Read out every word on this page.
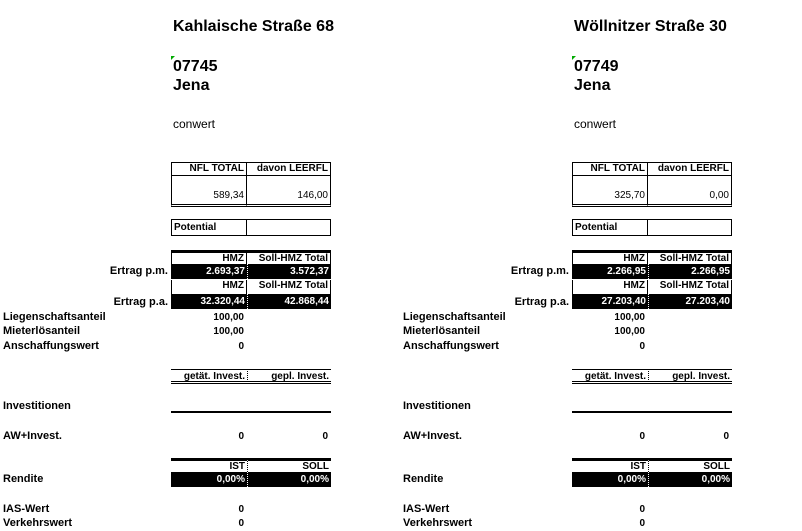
Kahlaische Straße 68
07745
Jena
conwert
NFL TOTAL	davon LEERFL
589,34	146,00
Potential
HMZ	Soll-HMZ Total
Ertrag p.m.	2.693,37	3.572,37
HMZ	Soll-HMZ Total
Ertrag p.a.	32.320,44	42.868,44
Liegenschaftsanteil	100,00
Mieterlösanteil	100,00
Anschaffungswert	0
getät. Invest.	gepl. Invest.
Investitionen
AW+Invest.	0	0
IST	SOLL
Rendite	0,00%	0,00%
IAS-Wert	0
Verkehrswert	0
Wöllnitzer Straße 30
07749
Jena
conwert
NFL TOTAL	davon LEERFL
325,70	0,00
Potential
HMZ	Soll-HMZ Total
Ertrag p.m.	2.266,95	2.266,95
HMZ	Soll-HMZ Total
Ertrag p.a.	27.203,40	27.203,40
Liegenschaftsanteil	100,00
Mieterlösanteil	100,00
Anschaffungswert	0
getät. Invest.	gepl. Invest.
Investitionen
AW+Invest.	0	0
IST	SOLL
Rendite	0,00%	0,00%
IAS-Wert	0
Verkehrswert	0
